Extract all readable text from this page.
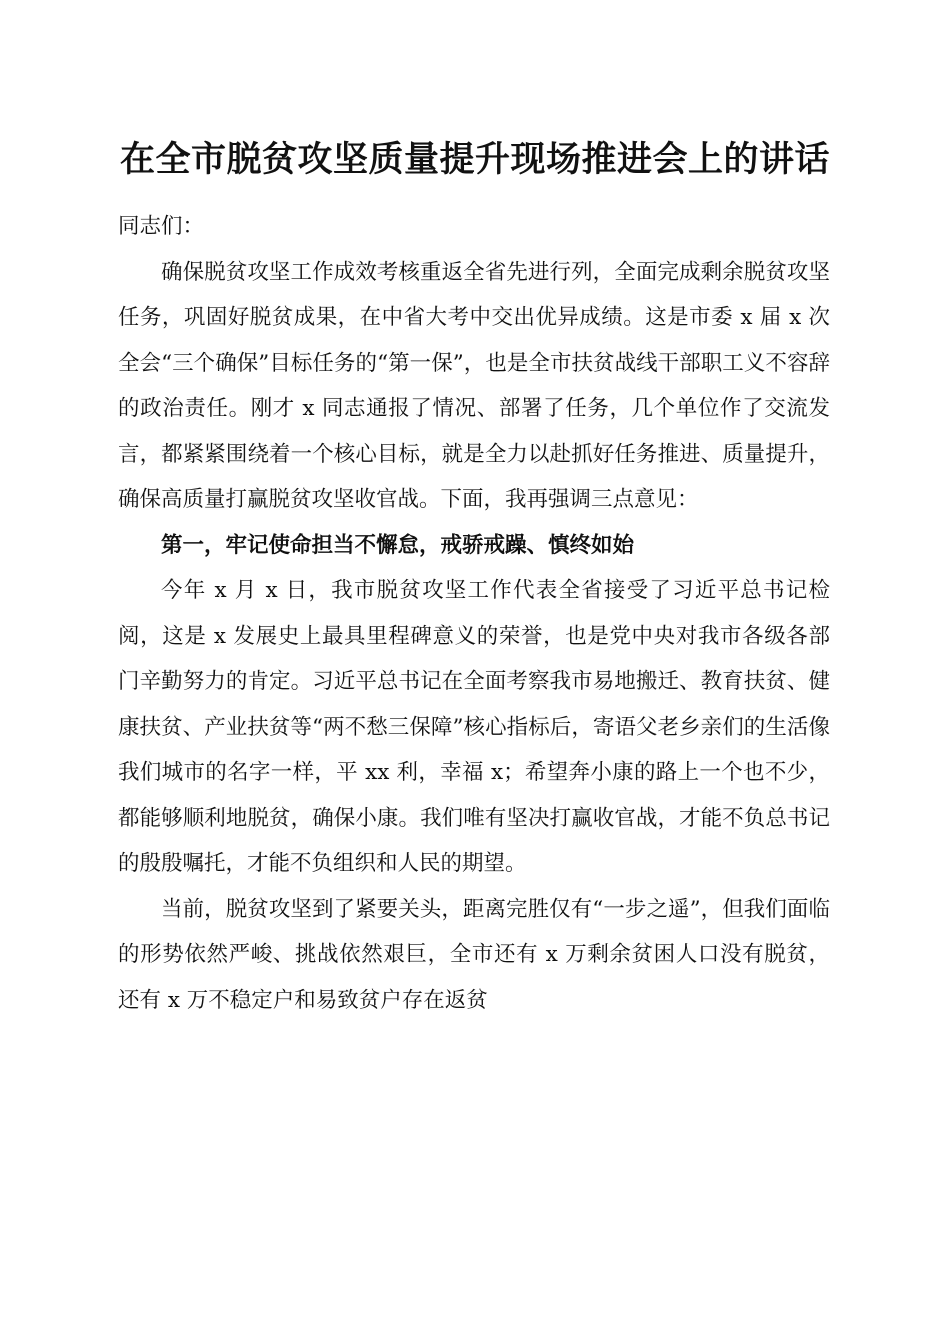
在全市脱贫攻坚质量提升现场推进会上的讲话

同志们：

确保脱贫攻坚工作成效考核重返全省先进行列，全面完成剩余脱贫攻坚任务，巩固好脱贫成果，在中省大考中交出优异成绩。这是市委 x 届 x 次全会“三个确保”目标任务的“第一保”，也是全市扶贫战线干部职工义不容辞的政治责任。刚才 x 同志通报了情况、部署了任务，几个单位作了交流发言，都紧紧围绕着一个核心目标，就是全力以赴抓好任务推进、质量提升，确保高质量打赢脱贫攻坚收官战。下面，我再强调三点意见：

第一，牢记使命担当不懈怠，戒骄戒躁、慎终如始

今年 x 月 x 日，我市脱贫攻坚工作代表全省接受了习近平总书记检阅，这是 x 发展史上最具里程碑意义的荣誉，也是党中央对我市各级各部门辛勤努力的肯定。习近平总书记在全面考察我市易地搬迁、教育扶贫、健康扶贫、产业扶贫等“两不愁三保障”核心指标后，寄语父老乡亲们的生活像我们城市的名字一样，平 xx 利，幸福 x；希望奔小康的路上一个也不少，都能够顺利地脱贫，确保小康。我们唯有坚决打赢收官战，才能不负总书记的殷殷嘱托，才能不负组织和人民的期望。

当前，脱贫攻坚到了紧要关头，距离完胜仅有“一步之遥”，但我们面临的形势依然严峻、挑战依然艰巨，全市还有 x 万剩余贫困人口没有脱贫，还有 x 万不稳定户和易致贫户存在返贫
